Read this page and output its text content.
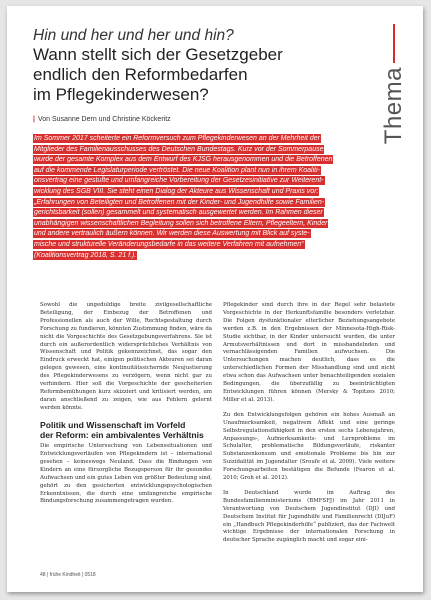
Hin und her und her und hin?
Wann stellt sich der Gesetzgeber
endlich den Reformbedarfen
im Pflegekinderwesen?
| Von Susanne Dern und Christine Köckeritz	Thema
Im Sommer 2017 scheiterte ein Reformversuch zum Pflegekinderwesen an der Mehrheit der
Mitglieder des Familienausschusses des Deutschen Bundestags. Kurz vor der Sommerpause
wurde der gesamte Komplex aus dem Entwurf des KJSG herausgenommen und die Betroffenen
auf die kommende Legislaturperiode vertröstet. Die neue Koalition plant nun in ihrem Koaliti-
onsvertrag eine gestufte und umfangreiche Vorbereitung der Gesetzesinitiative zur Weiterent-
wicklung des SGB VIII. Sie steht einen Dialog der Akteure aus Wissenschaft und Praxis vor:
„Erfahrungen von Beteiligten und Betroffenen mit der Kinder- und Jugendhilfe sowie Familien-
gerichtsbarkeit (sollen) gesammelt und systematisch ausgewertet werden. Im Rahmen dieser
unabhängigen wissenschaftlichen Begleitung sollen sich betroffene Eltern, Pflegeeltern, Kinder
und andere vertraulich äußern können. Wir werden diese Auswertung mit Blick auf syste-
mische und strukturelle Veränderungsbedarfe in das weitere Verfahren mit aufnehmen“
(Koalitionsvertrag 2018, S. 21 f.).

Sowohl die ungeduldige breite zivilgesellschaftliche Beteiligung, der Einbezug der Betroffenen und Professionellen als auch der Wille, Rechtsgestaltung durch Forschung zu fundieren, könnten Zustimmung finden, wäre da nicht die Vorgeschichte des Gesetzgebungsverfahrens. Sie ist durch ein außerordentlich widersprüchliches Verhältnis von Wissenschaft und Politik gekennzeichnet, das sogar den Eindruck erweckt hat, einigen politischen Akteuren sei daran gelegen gewesen, eine kontinuitätssichernde Neujustierung des Pflegekinderwesens zu verzögern, wenn nicht gar zu verhindern. Hier soll die Vorgeschichte der gescheiterten Reformbemühungen kurz skizziert und kritisiert werden, um daran anschließend zu zeigen, wie aus Fehlern gelernt werden könnte.

Politik und Wissenschaft im Vorfeld
der Reform: ein ambivalentes Verhältnis

Die empirische Untersuchung von Lebenssituationen und Entwicklungsverläufen von Pflegekindern ist – international gesehen – keineswegs Neuland. Dass die Bindungen von Kindern an eine fürsorgliche Bezugsperson für ihr gesundes Aufwachsen und ein gutes Leben von größter Bedeutung sind, gehört zu den gesicherten entwicklungspsychologischen Erkenntnissen, die durch eine umfangreiche empirische Bindungsforschung zusammengetragen wurden.

Pflegekinder sind durch ihre in der Regel sehr belastete Vorgeschichte in der Herkunftsfamilie besonders verletzbar. Die Folgen dysfunktionaler elterlicher Beziehungsangebote werden z.B. in den Ergebnissen der Minnesota-High-Risk-Studie sichtbar, in der Kinder untersucht wurden, die unter Armutsverhältnissen und dort in misshandelnden und vernachlässigenden Familien aufwuchsen. Die Untersuchungen machen deutlich, dass es die unterschiedlichen Formen der Misshandlung sind und nicht etwa schon das Aufwachsen unter benachteiligenden sozialen Bedingungen, die überzufällig zu beeinträchtigten Entwicklungen führen können (Mersky & Topitzes 2010; Miller et al. 2013).

Zu den Entwicklungsfolgen gehören ein hohes Ausmaß an Unaufmerksamkeit, negativem Affekt und eine geringe Selbstregulationsfähigkeit in den ersten sechs Lebensjahren, Anpassungs-, Aufmerksamkeits- und Lernprobleme im Schulalter, problematische Bildungsverläufe, riskanter Substanzenkonsum und emotionale Probleme bis hin zur Suizidalität im Jugendalter (Sroufe et al. 2009). Viele weitere Forschungsarbeiten bestätigen die Befunde (Fearon et al. 2010; Groh et al. 2012).

In Deutschland wurde im Auftrag des Bundesfamilienministeriums (BMFSFJ) im Jahr 2011 in Verantwortung von Deutschem Jugendinstitut (DJI) und Deutschem Institut für Jugendhilfe und Familienrecht (DIJuF) ein „Handbuch Pflegekinderhilfe“ publiziert, das der Fachwelt wichtige Ergebnisse der internationalen Forschung in deutscher Sprache zugänglich macht und sogar eini-

48 | frühe Kindheit | 0518
